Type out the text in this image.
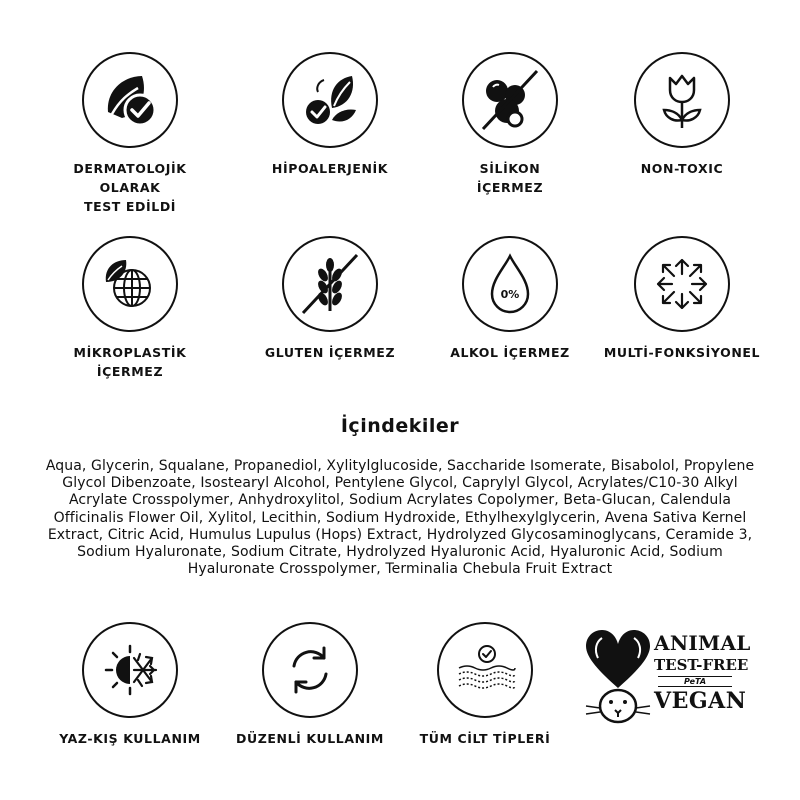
DERMATOLOJİK OLARAK
TEST EDİLDİ
HİPOALERJENİK	SİLİKON
İÇERMEZ
NON-TOXIC
MİKROPLASTİK
İÇERMEZ
GLUTEN İÇERMEZ
0%
ALKOL İÇERMEZ	MULTİ-FONKSİYONEL
İçindekiler
Aqua, Glycerin, Squalane, Propanediol, Xylitylglucoside, Saccharide Isomerate, Bisabolol, Propylene Glycol Dibenzoate, Isostearyl Alcohol, Pentylene Glycol, Caprylyl Glycol, Acrylates/C10-30 Alkyl Acrylate Crosspolymer, Anhydroxylitol, Sodium Acrylates Copolymer, Beta-Glucan, Calendula Officinalis Flower Oil, Xylitol, Lecithin, Sodium Hydroxide, Ethylhexylglycerin, Avena Sativa Kernel Extract, Citric Acid, Humulus Lupulus (Hops) Extract, Hydrolyzed Glycosaminoglycans, Ceramide 3, Sodium Hyaluronate, Sodium Citrate, Hydrolyzed Hyaluronic Acid, Hyaluronic Acid, Sodium Hyaluronate Crosspolymer, Terminalia Chebula Fruit Extract
YAZ-KIŞ KULLANIM	DÜZENLİ KULLANIM	TÜM CİLT TİPLERİ
ANIMAL
TEST-FREE
PeTA
VEGAN
